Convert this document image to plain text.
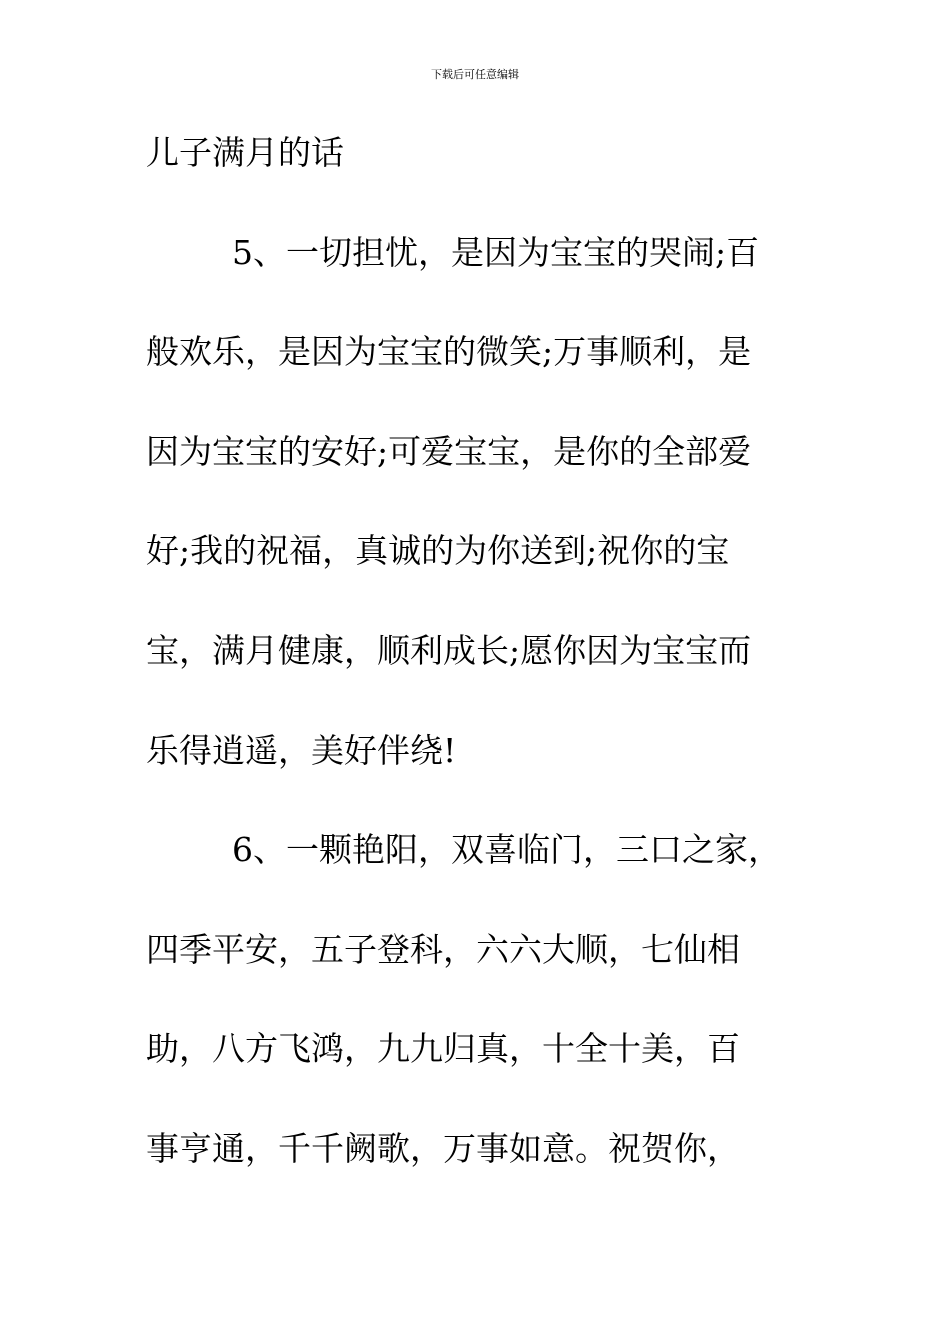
下载后可任意编辑
儿子满月的话
5、一切担忧，是因为宝宝的哭闹;百
般欢乐，是因为宝宝的微笑;万事顺利，是
因为宝宝的安好;可爱宝宝，是你的全部爱
好;我的祝福，真诚的为你送到;祝你的宝
宝，满月健康，顺利成长;愿你因为宝宝而
乐得逍遥，美好伴绕!
6、一颗艳阳，双喜临门，三口之家，
四季平安，五子登科，六六大顺，七仙相
助，八方飞鸿，九九归真，十全十美，百
事亨通，千千阙歌，万事如意。祝贺你，
